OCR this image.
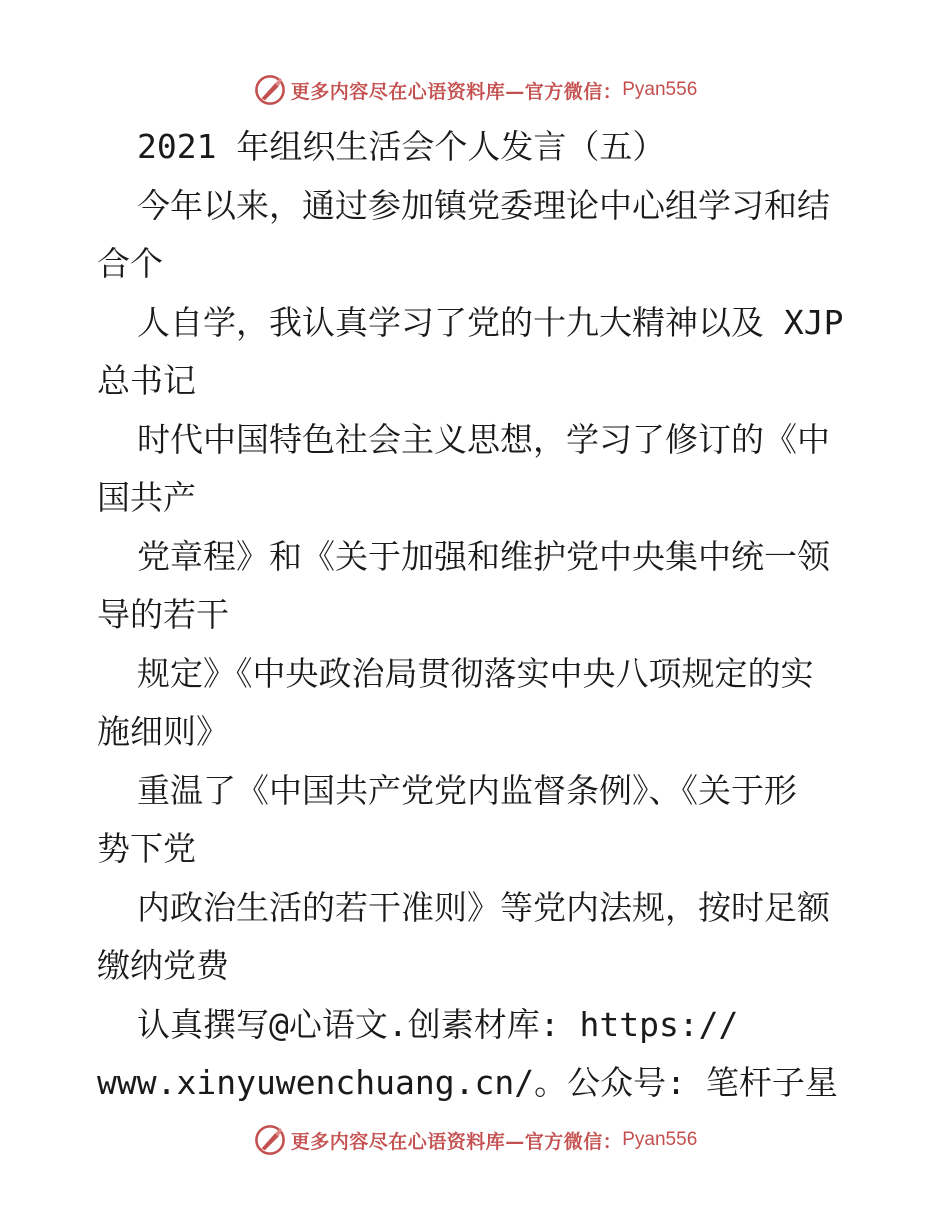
更多内容尽在心语资料库—官方微信： Pyan556

2021 年组织生活会个人发言（五）

今年以来，通过参加镇党委理论中心组学习和结

合个

人自学，我认真学习了党的十九大精神以及 XJP

总书记

时代中国特色社会主义思想，学习了修订的《中

国共产

党章程》和《关于加强和维护党中央集中统一领

导的若干

规定》《中央政治局贯彻落实中央八项规定的实

施细则》

重温了《中国共产党党内监督条例》、《关于形

势下党

内政治生活的若干准则》等党内法规，按时足额

缴纳党费

认真撰写@心语文.创素材库: https://

www.xinyuwenchuang.cn/。公众号: 笔杆子星

更多内容尽在心语资料库—官方微信： Pyan556
